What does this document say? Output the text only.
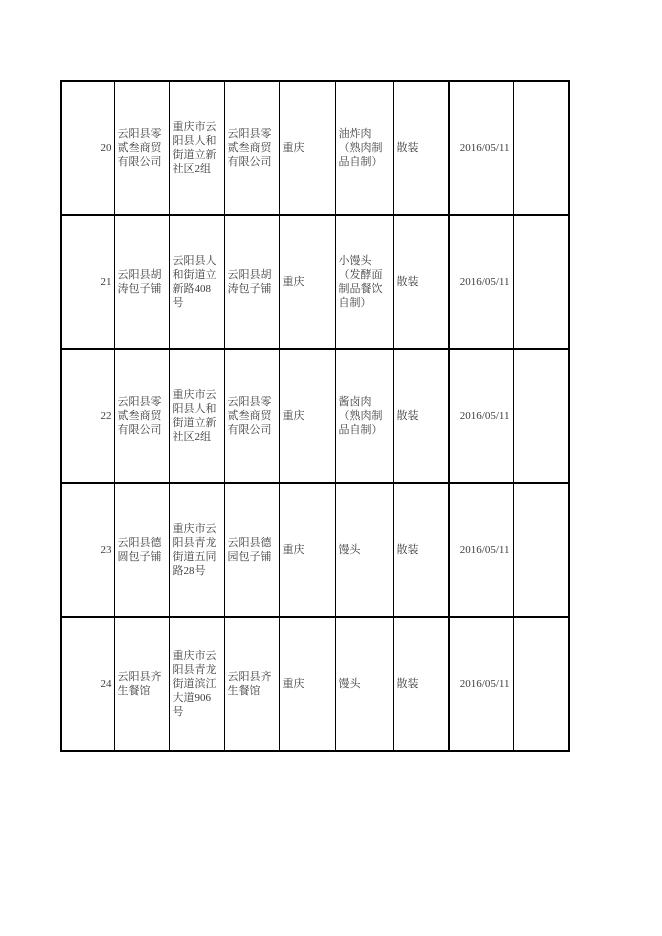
20	云阳县零贰叁商贸有限公司	重庆市云阳县人和街道立新社区2组	云阳县零贰叁商贸有限公司	重庆	油炸肉（熟肉制品自制）	散装	2016/05/11	
21	云阳县胡涛包子铺	云阳县人和街道立新路408号	云阳县胡涛包子铺	重庆	小馒头（发酵面制品餐饮自制）	散装	2016/05/11	
22	云阳县零贰叁商贸有限公司	重庆市云阳县人和街道立新社区2组	云阳县零贰叁商贸有限公司	重庆	酱卤肉（熟肉制品自制）	散装	2016/05/11	
23	云阳县德圆包子铺	重庆市云阳县青龙街道五同路28号	云阳县德园包子铺	重庆	馒头	散装	2016/05/11	
24	云阳县齐生餐馆	重庆市云阳县青龙街道滨江大道906号	云阳县齐生餐馆	重庆	馒头	散装	2016/05/11	
